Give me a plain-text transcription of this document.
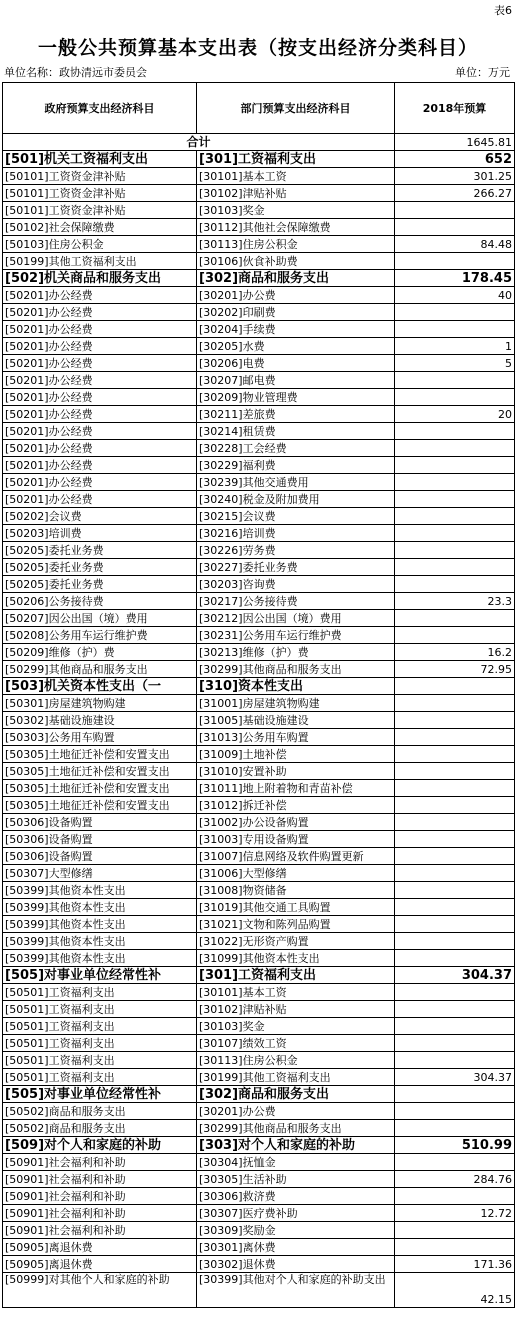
表6
一般公共预算基本支出表（按支出经济分类科目）
单位名称：政协清远市委员会	单位：万元
政府预算支出经济科目	部门预算支出经济科目	2018年预算
合计		1645.81
[501]机关工资福利支出	[301]工资福利支出	652
[50101]工资资金津补贴	[30101]基本工资	301.25
[50101]工资资金津补贴	[30102]津贴补贴	266.27
[50101]工资资金津补贴	[30103]奖金	
[50102]社会保障缴费	[30112]其他社会保障缴费	
[50103]住房公积金	[30113]住房公积金	84.48
[50199]其他工资福利支出	[30106]伙食补助费	
[502]机关商品和服务支出	[302]商品和服务支出	178.45
[50201]办公经费	[30201]办公费	40
[50201]办公经费	[30202]印刷费	
[50201]办公经费	[30204]手续费	
[50201]办公经费	[30205]水费	1
[50201]办公经费	[30206]电费	5
[50201]办公经费	[30207]邮电费	
[50201]办公经费	[30209]物业管理费	
[50201]办公经费	[30211]差旅费	20
[50201]办公经费	[30214]租赁费	
[50201]办公经费	[30228]工会经费	
[50201]办公经费	[30229]福利费	
[50201]办公经费	[30239]其他交通费用	
[50201]办公经费	[30240]税金及附加费用	
[50202]会议费	[30215]会议费	
[50203]培训费	[30216]培训费	
[50205]委托业务费	[30226]劳务费	
[50205]委托业务费	[30227]委托业务费	
[50205]委托业务费	[30203]咨询费	
[50206]公务接待费	[30217]公务接待费	23.3
[50207]因公出国（境）费用	[30212]因公出国（境）费用	
[50208]公务用车运行维护费	[30231]公务用车运行维护费	
[50209]维修（护）费	[30213]维修（护）费	16.2
[50299]其他商品和服务支出	[30299]其他商品和服务支出	72.95
[503]机关资本性支出（一	[310]资本性支出	
[50301]房屋建筑物购建	[31001]房屋建筑物购建	
[50302]基础设施建设	[31005]基础设施建设	
[50303]公务用车购置	[31013]公务用车购置	
[50305]土地征迁补偿和安置支出	[31009]土地补偿	
[50305]土地征迁补偿和安置支出	[31010]安置补助	
[50305]土地征迁补偿和安置支出	[31011]地上附着物和青苗补偿	
[50305]土地征迁补偿和安置支出	[31012]拆迁补偿	
[50306]设备购置	[31002]办公设备购置	
[50306]设备购置	[31003]专用设备购置	
[50306]设备购置	[31007]信息网络及软件购置更新	
[50307]大型修缮	[31006]大型修缮	
[50399]其他资本性支出	[31008]物资储备	
[50399]其他资本性支出	[31019]其他交通工具购置	
[50399]其他资本性支出	[31021]文物和陈列品购置	
[50399]其他资本性支出	[31022]无形资产购置	
[50399]其他资本性支出	[31099]其他资本性支出	
[505]对事业单位经常性补	[301]工资福利支出	304.37
[50501]工资福利支出	[30101]基本工资	
[50501]工资福利支出	[30102]津贴补贴	
[50501]工资福利支出	[30103]奖金	
[50501]工资福利支出	[30107]绩效工资	
[50501]工资福利支出	[30113]住房公积金	
[50501]工资福利支出	[30199]其他工资福利支出	304.37
[505]对事业单位经常性补	[302]商品和服务支出	
[50502]商品和服务支出	[30201]办公费	
[50502]商品和服务支出	[30299]其他商品和服务支出	
[509]对个人和家庭的补助	[303]对个人和家庭的补助	510.99
[50901]社会福利和补助	[30304]抚恤金	
[50901]社会福利和补助	[30305]生活补助	284.76
[50901]社会福利和补助	[30306]救济费	
[50901]社会福利和补助	[30307]医疗费补助	12.72
[50901]社会福利和补助	[30309]奖励金	
[50905]离退休费	[30301]离休费	
[50905]离退休费	[30302]退休费	171.36
[50999]对其他个人和家庭的补助	[30399]其他对个人和家庭的补助支出	42.15
